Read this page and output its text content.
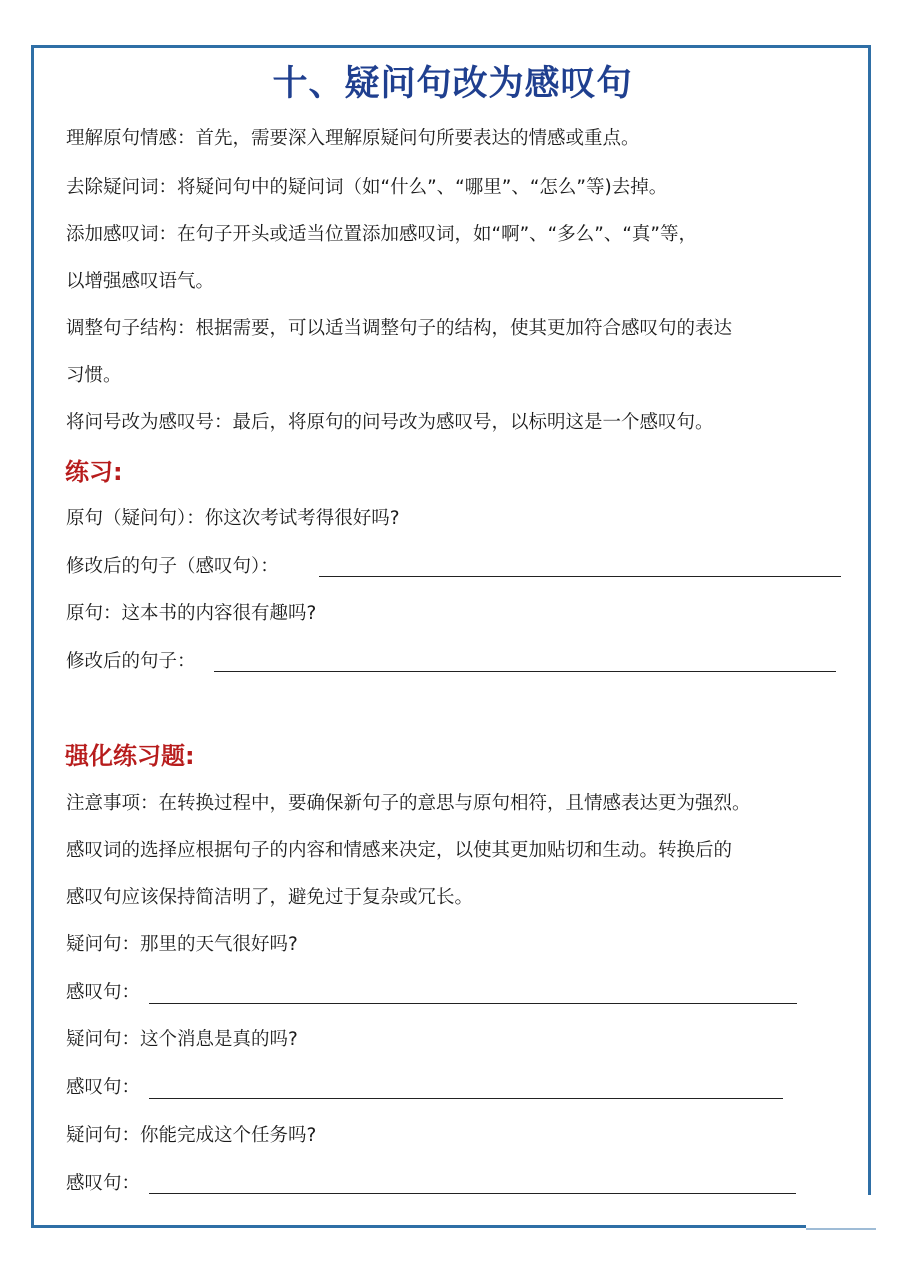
十、疑问句改为感叹句
理解原句情感：首先，需要深入理解原疑问句所要表达的情感或重点。
去除疑问词：将疑问句中的疑问词（如“什么”、“哪里”、“怎么”等)去掉。
添加感叹词：在句子开头或适当位置添加感叹词，如“啊”、“多么”、“真”等，
以增强感叹语气。
调整句子结构：根据需要，可以适当调整句子的结构，使其更加符合感叹句的表达
习惯。
将问号改为感叹号：最后，将原句的问号改为感叹号，以标明这是一个感叹句。
练习:
原句（疑问句）：你这次考试考得很好吗?
修改后的句子（感叹句）：
原句：这本书的内容很有趣吗?
修改后的句子：
强化练习题:
注意事项：在转换过程中，要确保新句子的意思与原句相符，且情感表达更为强烈。
感叹词的选择应根据句子的内容和情感来决定，以使其更加贴切和生动。转换后的
感叹句应该保持简洁明了，避免过于复杂或冗长。
疑问句：那里的天气很好吗?
感叹句：
疑问句：这个消息是真的吗?
感叹句：
疑问句：你能完成这个任务吗?
感叹句：
